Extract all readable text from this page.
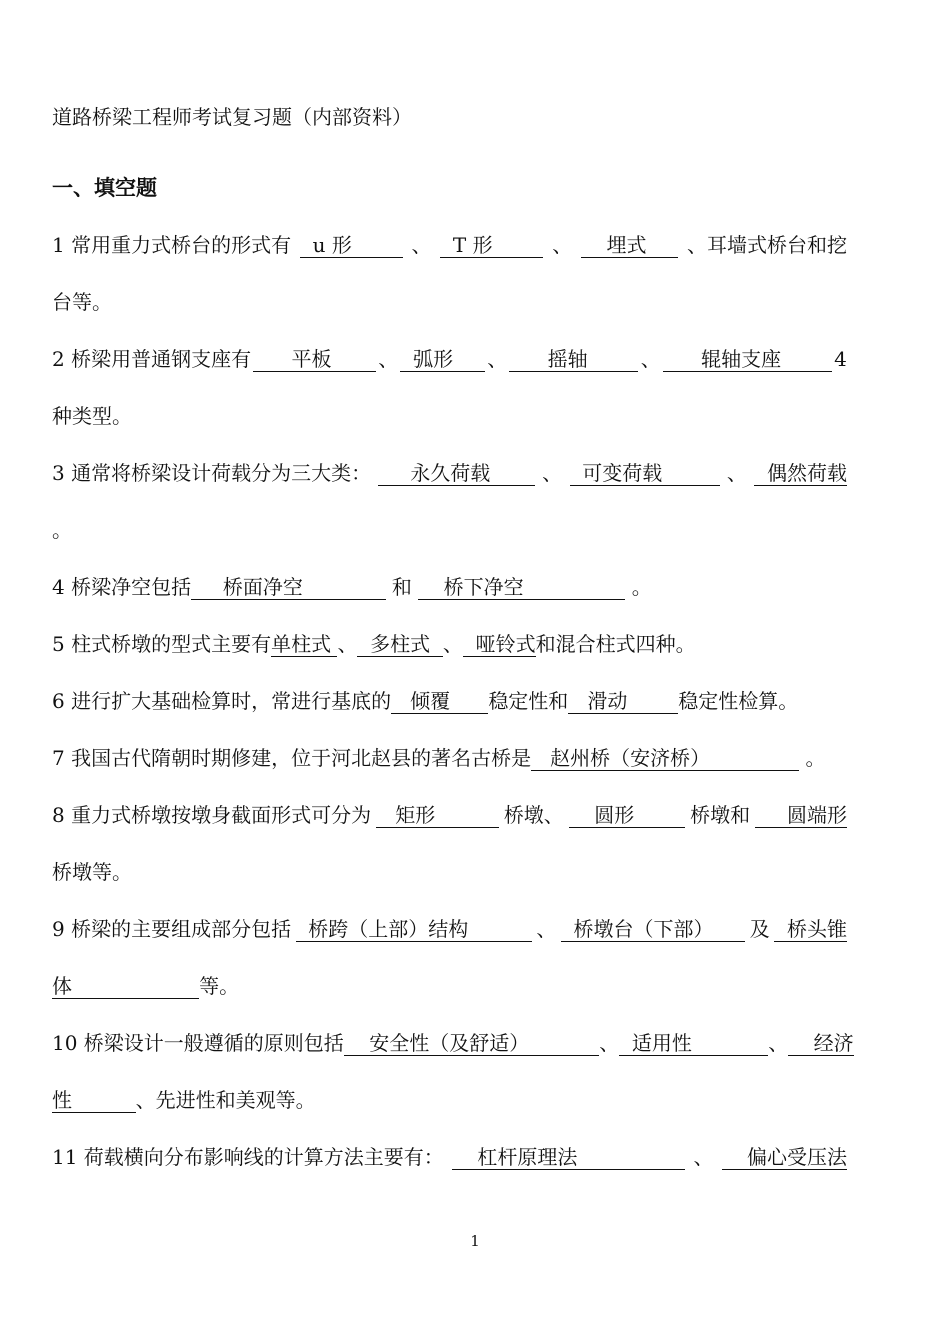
道路桥梁工程师考试复习题（内部资料）
一、填空题
1 常用重力式桥台的形式有 u 形 、 T 形 、 埋式 、耳墙式桥台和挖
台等。
2 桥梁用普通钢支座有 平板 、 弧形 、 摇轴 、 辊轴支座 4
种类型。
3 通常将桥梁设计荷载分为三大类： 永久荷载 、 可变荷载 、 偶然荷载
。
4 桥梁净空包括     桥面净空              和     桥下净空                 。
5 柱式桥墩的型式主要有单柱式 、  多柱式  、  哑铃式和混合柱式四种。
6 进行扩大基础检算时，常进行基底的   倾覆      稳定性和   滑动        稳定性检算。
7 我国古代隋朝时期修建，位于河北赵县的著名古桥是   赵州桥（安济桥）               。
8 重力式桥墩按墩身截面形式可分为 矩形 桥墩、 圆形 桥墩和 圆端形
桥墩等。
9 桥梁的主要组成部分包括 桥跨（上部）结构 、 桥墩台（下部） 及 桥头锥
体                    等。
10 桥梁设计一般遵循的原则包括 安全性（及舒适） 、 适用性 、 经济
性          、先进性和美观等。
11 荷载横向分布影响线的计算方法主要有： 杠杆原理法 、 偏心受压法
1
